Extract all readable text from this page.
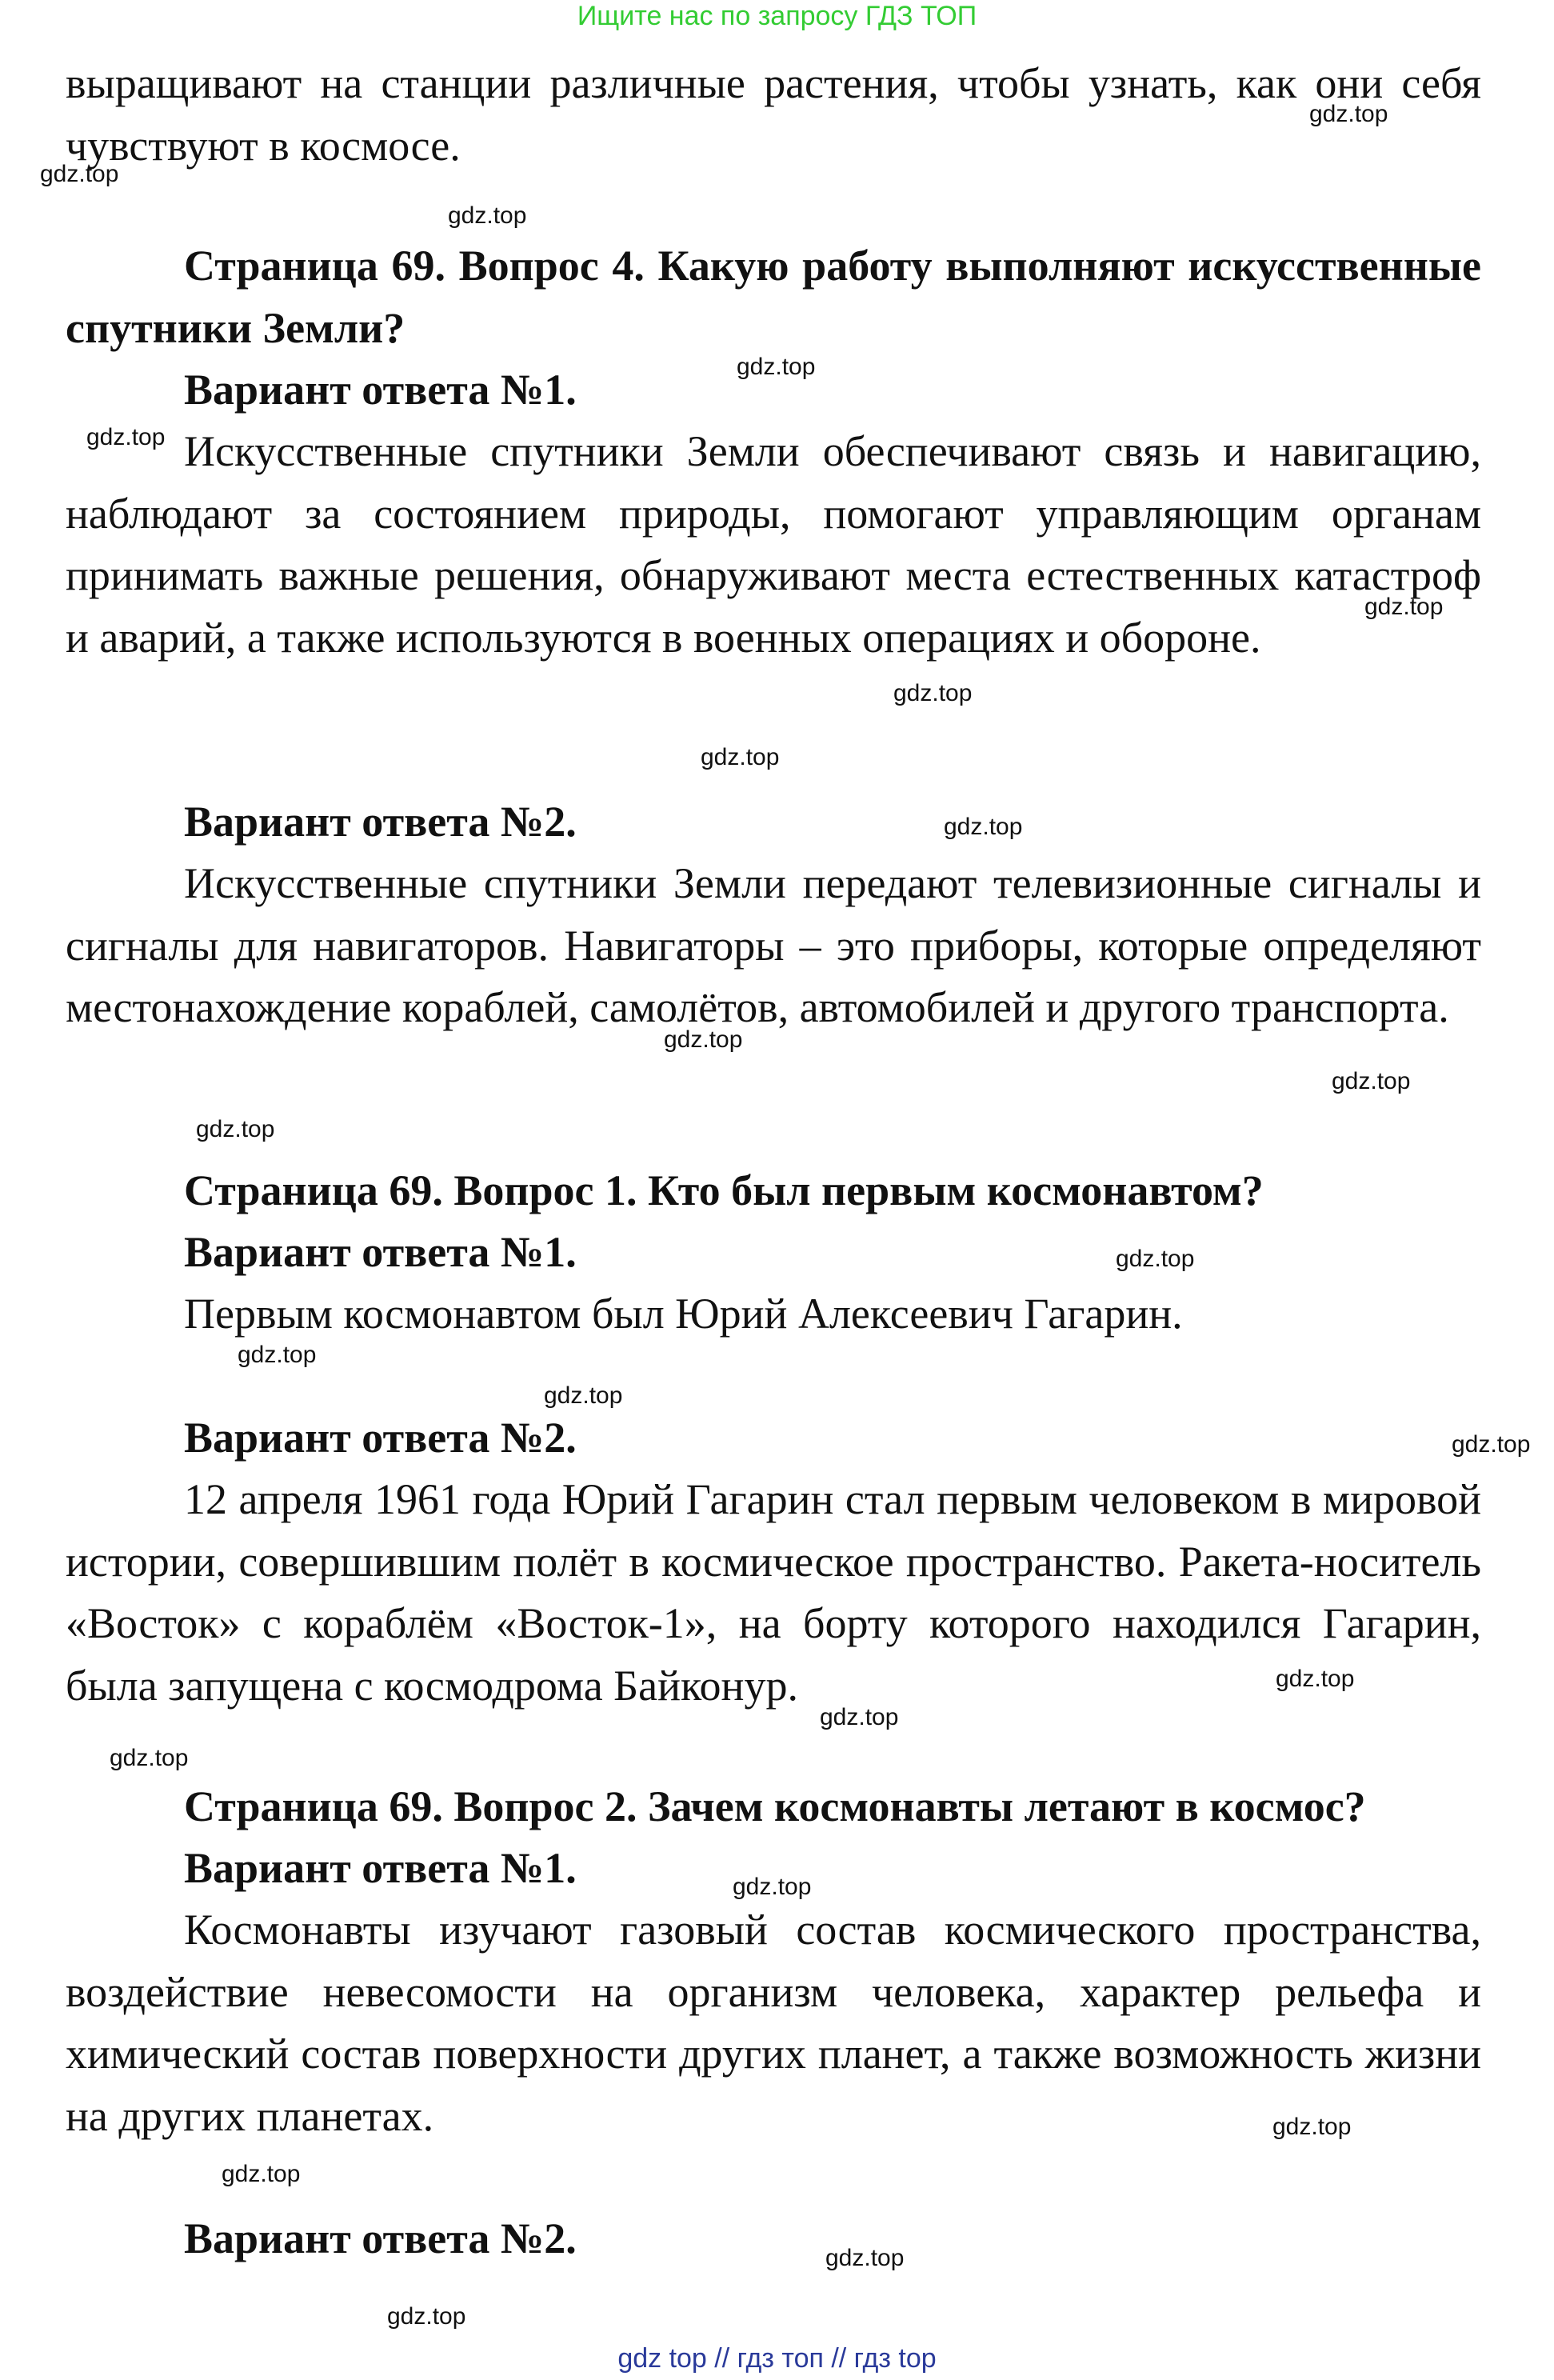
Ищите нас по запросу ГДЗ ТОП
выращивают на станции различные растения, чтобы узнать, как они себя чувствуют в космосе.
Страница 69. Вопрос 4. Какую работу выполняют искусственные спутники Земли?
Вариант ответа №1.
Искусственные спутники Земли обеспечивают связь и навигацию, наблюдают за состоянием природы, помогают управляющим органам принимать важные решения, обнаруживают места естественных катастроф и аварий, а также используются в военных операциях и обороне.
Вариант ответа №2.
Искусственные спутники Земли передают телевизионные сигналы и сигналы для навигаторов. Навигаторы – это приборы, которые определяют местонахождение кораблей, самолётов, автомобилей и другого транспорта.
Страница 69. Вопрос 1. Кто был первым космонавтом?
Вариант ответа №1.
Первым космонавтом был Юрий Алексеевич Гагарин.
Вариант ответа №2.
12 апреля 1961 года Юрий Гагарин стал первым человеком в мировой истории, совершившим полёт в космическое пространство. Ракета-носитель «Восток» с кораблём «Восток-1», на борту которого находился Гагарин, была запущена с космодрома Байконур.
Страница 69. Вопрос 2. Зачем космонавты летают в космос?
Вариант ответа №1.
Космонавты изучают газовый состав космического пространства, воздействие невесомости на организм человека, характер рельефа и химический состав поверхности других планет, а также возможность жизни на других планетах.
Вариант ответа №2.
gdz.top
gdz.top
gdz.top
gdz.top
gdz.top
gdz.top
gdz.top
gdz.top
gdz.top
gdz.top
gdz.top
gdz.top
gdz.top
gdz.top
gdz.top
gdz.top
gdz.top
gdz.top
gdz.top
gdz.top
gdz.top
gdz.top
gdz.top
gdz.top
gdz top // гдз топ // гдз top
